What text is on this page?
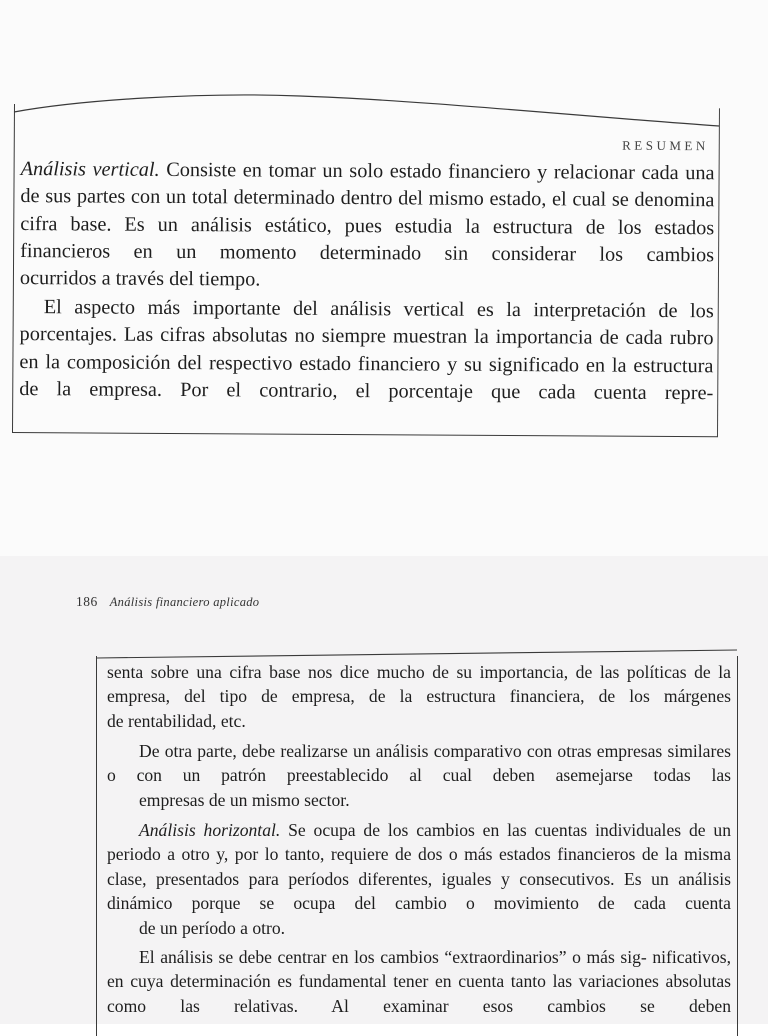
RESUMEN

Análisis vertical. Consiste en tomar un solo estado financiero y relacionar cada una de sus partes con un total determinado dentro del mismo estado, el cual se denomina cifra base. Es un análisis estático, pues estudia la estructura de los estados financieros en un momento determinado sin considerar los cambios
ocurridos a través del tiempo.

El aspecto más importante del análisis vertical es la interpretación de los porcentajes. Las cifras absolutas no siempre muestran la importancia de cada rubro en la composición del respectivo estado financiero y su significado en la estructura de la empresa. Por el contrario, el porcentaje que cada cuenta repre-

186 Análisis financiero aplicado

senta sobre una cifra base nos dice mucho de su importancia, de las políticas de la empresa, del tipo de empresa, de la estructura financiera, de los márgenes
de rentabilidad, etc.

De otra parte, debe realizarse un análisis comparativo con otras empresas similares o con un patrón preestablecido al cual deben asemejarse todas las
empresas de un mismo sector.

Análisis horizontal. Se ocupa de los cambios en las cuentas individuales de un periodo a otro y, por lo tanto, requiere de dos o más estados financieros de la misma clase, presentados para períodos diferentes, iguales y consecutivos. Es un análisis dinámico porque se ocupa del cambio o movimiento de cada cuenta
de un período a otro.

El análisis se debe centrar en los cambios “extraordinarios” o más sig- nificativos, en cuya determinación es fundamental tener en cuenta tanto las variaciones absolutas como las relativas. Al examinar esos cambios se deben
